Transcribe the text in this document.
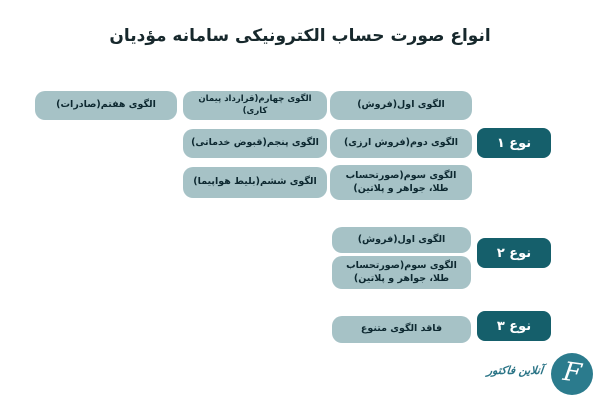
انواع صورت حساب الکترونیکی سامانه مؤدیان
الگوی اول(فروش)
الگوی دوم(فروش ارزی)
الگوی سوم(صورتحساب طلا، جواهر و پلاتین)
الگوی چهارم(قرارداد پیمان کاری)
الگوی پنجم(قبوض خدماتی)
الگوی ششم(بلیط هواپیما)
الگوی هفتم(صادرات)
نوع ۱
الگوی اول(فروش)
الگوی سوم(صورتحساب طلا، جواهر و پلاتین)
نوع ۲
فاقد الگوی متنوع	نوع ۳
F
آنلاین فاکتور
